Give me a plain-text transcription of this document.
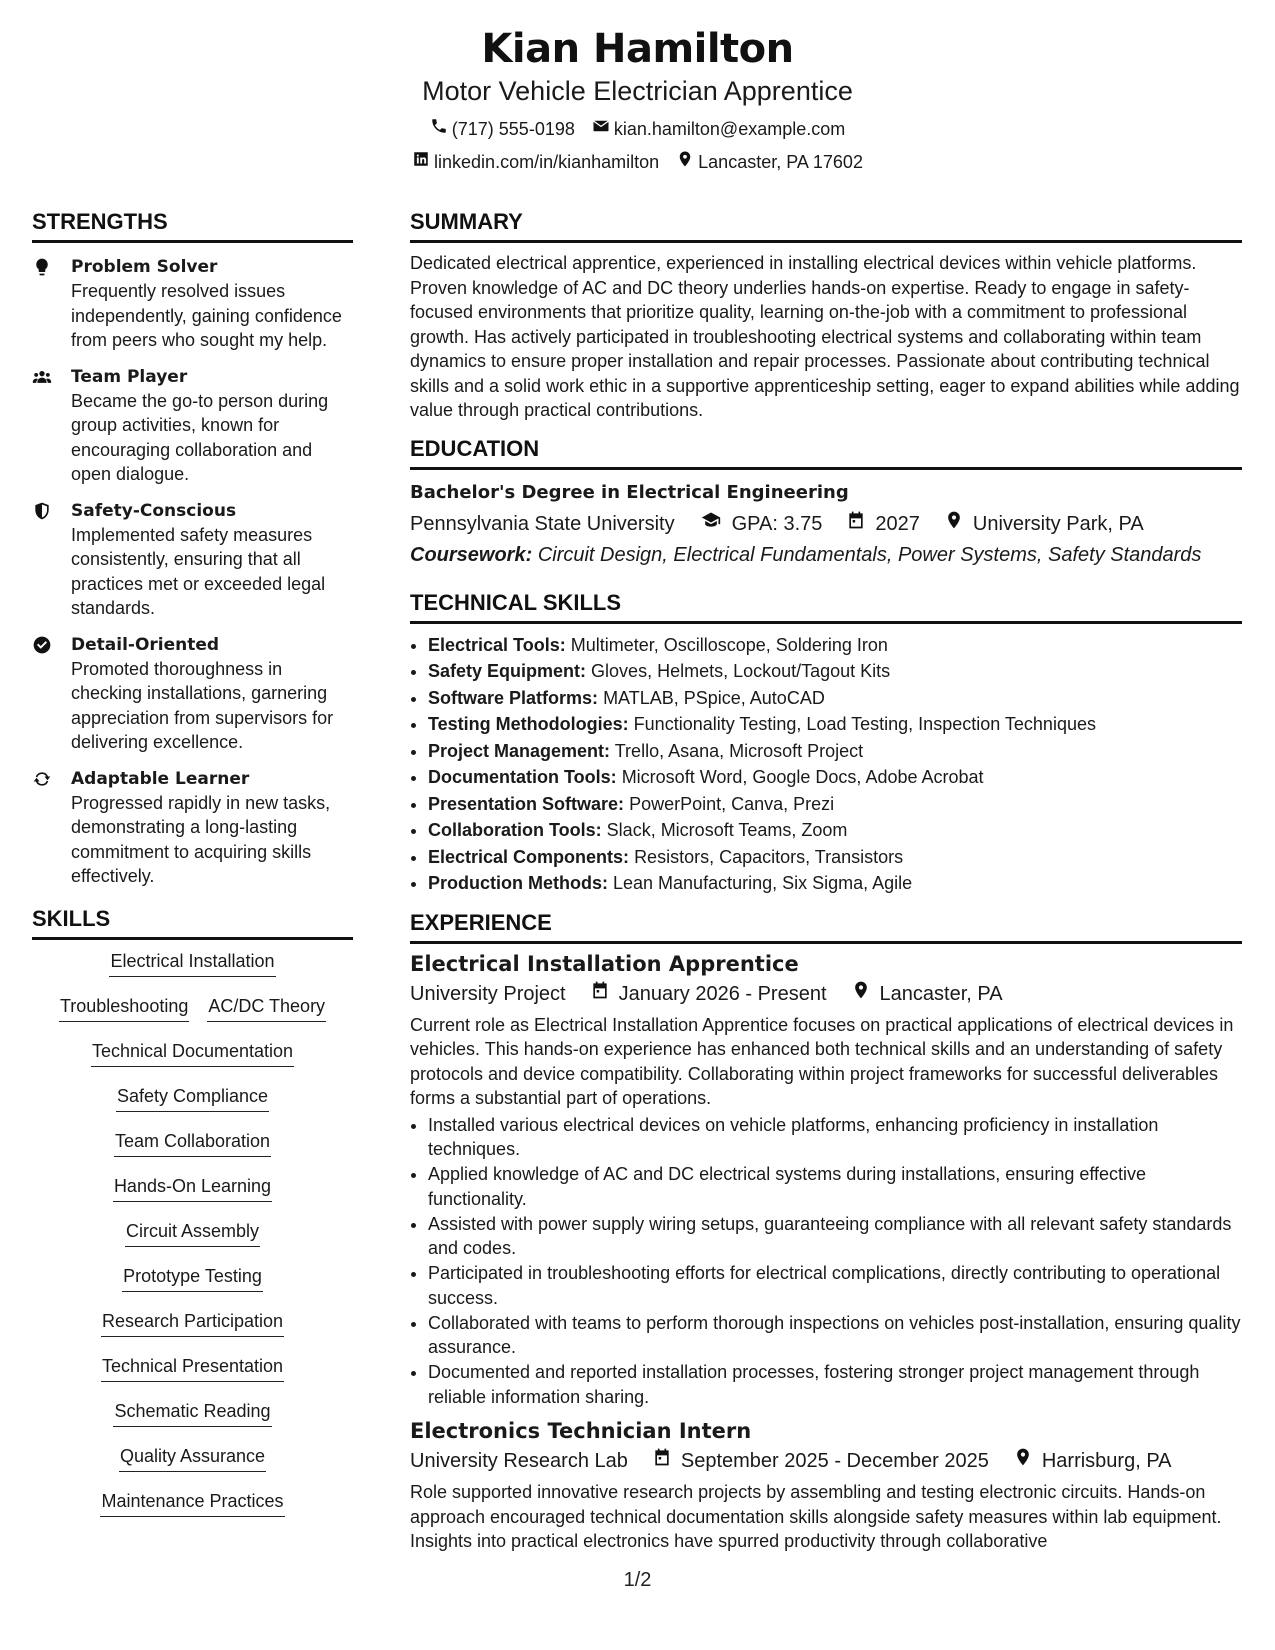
Kian Hamilton
Motor Vehicle Electrician Apprentice
(717) 555-0198 kian.hamilton@example.com
linkedin.com/in/kianhamilton Lancaster, PA 17602
STRENGTHS
Problem Solver
Frequently resolved issues independently, gaining confidence from peers who sought my help.
Team Player
Became the go-to person during group activities, known for encouraging collaboration and open dialogue.
Safety-Conscious
Implemented safety measures consistently, ensuring that all practices met or exceeded legal standards.
Detail-Oriented
Promoted thoroughness in checking installations, garnering appreciation from supervisors for delivering excellence.
Adaptable Learner
Progressed rapidly in new tasks, demonstrating a long-lasting commitment to acquiring skills effectively.
SKILLS
Electrical Installation
Troubleshooting AC/DC Theory
Technical Documentation
Safety Compliance
Team Collaboration
Hands-On Learning
Circuit Assembly
Prototype Testing
Research Participation
Technical Presentation
Schematic Reading
Quality Assurance
Maintenance Practices
SUMMARY
Dedicated electrical apprentice, experienced in installing electrical devices within vehicle platforms. Proven knowledge of AC and DC theory underlies hands-on expertise. Ready to engage in safety-focused environments that prioritize quality, learning on-the-job with a commitment to professional growth. Has actively participated in troubleshooting electrical systems and collaborating within team dynamics to ensure proper installation and repair processes. Passionate about contributing technical skills and a solid work ethic in a supportive apprenticeship setting, eager to expand abilities while adding value through practical contributions.
EDUCATION
Bachelor's Degree in Electrical Engineering
Pennsylvania State University	GPA: 3.75	2027	University Park, PA
Coursework: Circuit Design, Electrical Fundamentals, Power Systems, Safety Standards
TECHNICAL SKILLS
• Electrical Tools: Multimeter, Oscilloscope, Soldering Iron
• Safety Equipment: Gloves, Helmets, Lockout/Tagout Kits
• Software Platforms: MATLAB, PSpice, AutoCAD
• Testing Methodologies: Functionality Testing, Load Testing, Inspection Techniques
• Project Management: Trello, Asana, Microsoft Project
• Documentation Tools: Microsoft Word, Google Docs, Adobe Acrobat
• Presentation Software: PowerPoint, Canva, Prezi
• Collaboration Tools: Slack, Microsoft Teams, Zoom
• Electrical Components: Resistors, Capacitors, Transistors
• Production Methods: Lean Manufacturing, Six Sigma, Agile
EXPERIENCE
Electrical Installation Apprentice
University Project	January 2026 - Present	Lancaster, PA
Current role as Electrical Installation Apprentice focuses on practical applications of electrical devices in vehicles. This hands-on experience has enhanced both technical skills and an understanding of safety protocols and device compatibility. Collaborating within project frameworks for successful deliverables forms a substantial part of operations.
• Installed various electrical devices on vehicle platforms, enhancing proficiency in installation techniques.
• Applied knowledge of AC and DC electrical systems during installations, ensuring effective functionality.
• Assisted with power supply wiring setups, guaranteeing compliance with all relevant safety standards and codes.
• Participated in troubleshooting efforts for electrical complications, directly contributing to operational success.
• Collaborated with teams to perform thorough inspections on vehicles post-installation, ensuring quality assurance.
• Documented and reported installation processes, fostering stronger project management through reliable information sharing.
Electronics Technician Intern
University Research Lab	September 2025 - December 2025	Harrisburg, PA
Role supported innovative research projects by assembling and testing electronic circuits. Hands-on approach encouraged technical documentation skills alongside safety measures within lab equipment. Insights into practical electronics have spurred productivity through collaborative
1/2
